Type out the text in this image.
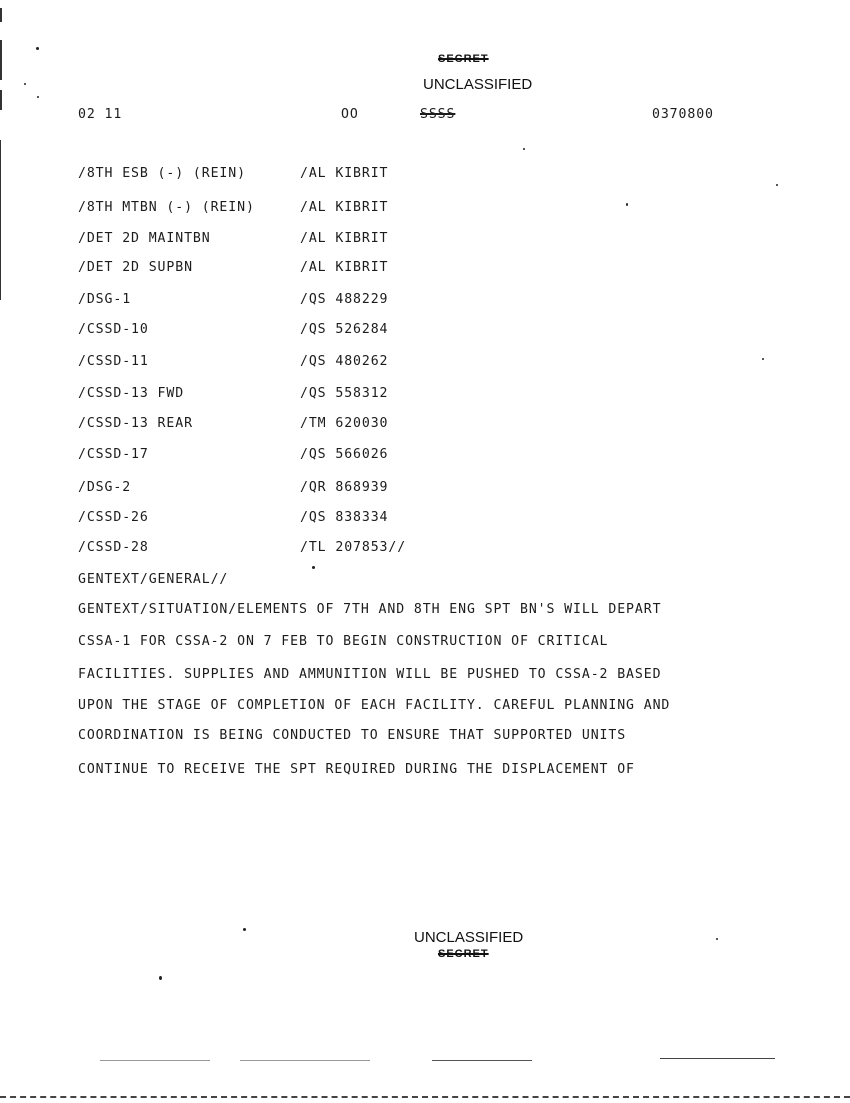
SECRET
UNCLASSIFIED
02 11	OO	SSSS	0370800
/8TH ESB (-) (REIN)	/AL KIBRIT
/8TH MTBN (-) (REIN)	/AL KIBRIT
/DET 2D MAINTBN	/AL KIBRIT
/DET 2D SUPBN	/AL KIBRIT
/DSG-1	/QS 488229
/CSSD-10	/QS 526284
/CSSD-11	/QS 480262
/CSSD-13 FWD	/QS 558312
/CSSD-13 REAR	/TM 620030
/CSSD-17	/QS 566026
/DSG-2	/QR 868939
/CSSD-26	/QS 838334
/CSSD-28	/TL 207853//
GENTEXT/GENERAL//
GENTEXT/SITUATION/ELEMENTS OF 7TH AND 8TH ENG SPT BN'S WILL DEPART
CSSA-1 FOR CSSA-2 ON 7 FEB TO BEGIN CONSTRUCTION OF CRITICAL
FACILITIES. SUPPLIES AND AMMUNITION WILL BE PUSHED TO CSSA-2 BASED
UPON THE STAGE OF COMPLETION OF EACH FACILITY. CAREFUL PLANNING AND
COORDINATION IS BEING CONDUCTED TO ENSURE THAT SUPPORTED UNITS
CONTINUE TO RECEIVE THE SPT REQUIRED DURING THE DISPLACEMENT OF
UNCLASSIFIED
SECRET
